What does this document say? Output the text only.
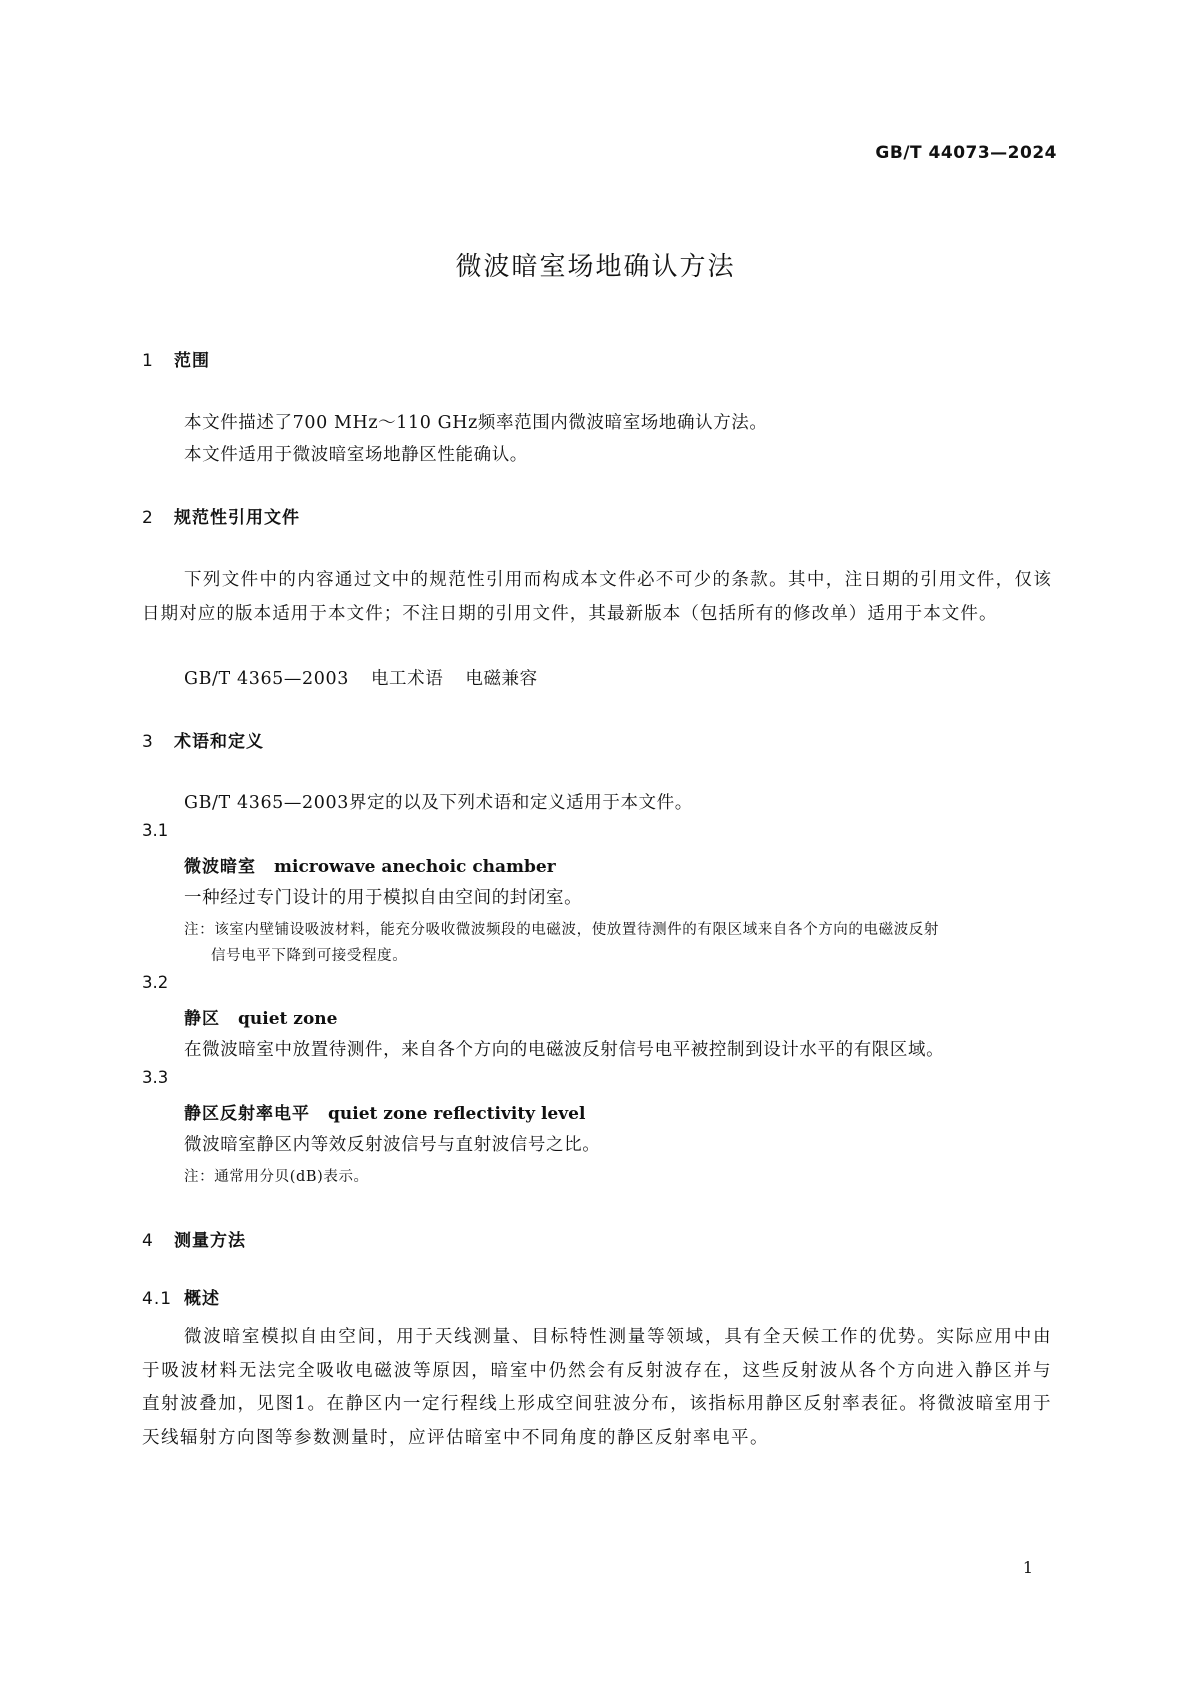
GB/T 44073—2024
微波暗室场地确认方法
1 范围
本文件描述了700 MHz～110 GHz频率范围内微波暗室场地确认方法。
本文件适用于微波暗室场地静区性能确认。
2 规范性引用文件
下列文件中的内容通过文中的规范性引用而构成本文件必不可少的条款。其中，注日期的引用文件，仅该日期对应的版本适用于本文件；不注日期的引用文件，其最新版本（包括所有的修改单）适用于本文件。
GB/T 4365—2003 电工术语 电磁兼容
3 术语和定义
GB/T 4365—2003界定的以及下列术语和定义适用于本文件。
3.1
微波暗室 microwave anechoic chamber
一种经过专门设计的用于模拟自由空间的封闭室。
注：该室内壁铺设吸波材料，能充分吸收微波频段的电磁波，使放置待测件的有限区域来自各个方向的电磁波反射
信号电平下降到可接受程度。
3.2
静区 quiet zone
在微波暗室中放置待测件，来自各个方向的电磁波反射信号电平被控制到设计水平的有限区域。
3.3
静区反射率电平 quiet zone reflectivity level
微波暗室静区内等效反射波信号与直射波信号之比。
注：通常用分贝(dB)表示。
4 测量方法
4.1 概述
微波暗室模拟自由空间，用于天线测量、目标特性测量等领域，具有全天候工作的优势。实际应用中由于吸波材料无法完全吸收电磁波等原因，暗室中仍然会有反射波存在，这些反射波从各个方向进入静区并与直射波叠加，见图1。在静区内一定行程线上形成空间驻波分布，该指标用静区反射率表征。将微波暗室用于天线辐射方向图等参数测量时，应评估暗室中不同角度的静区反射率电平。
1
